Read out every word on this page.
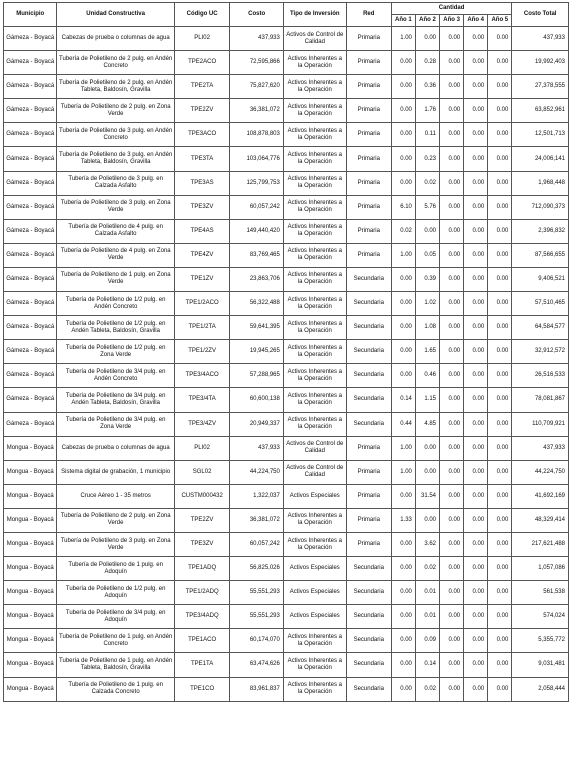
Municipio	Unidad Constructiva	Código UC	Costo	Tipo de Inversión	Red	Cantidad					Costo Total
						Año 1	Año 2	Año 3	Año 4	Año 5	
Gámeza - Boyacá	Cabezas de prueba o columnas de agua	PLI02	437,933	Activos de Control de Calidad	Primaria	1.00	0.00	0.00	0.00	0.00	437,933
Gámeza - Boyacá	Tubería de Polietileno de 2 pulg. en Andén Concreto	TPE2ACO	72,595,866	Activos Inherentes a la Operación	Primaria	0.00	0.28	0.00	0.00	0.00	19,992,403
Gámeza - Boyacá	Tubería de Polietileno de 2 pulg. en Andén Tableta, Baldosín, Gravilla	TPE2TA	75,827,620	Activos Inherentes a la Operación	Primaria	0.00	0.36	0.00	0.00	0.00	27,378,555
Gámeza - Boyacá	Tubería de Polietileno de 2 pulg. en Zona Verde	TPE2ZV	36,381,072	Activos Inherentes a la Operación	Primaria	0.00	1.76	0.00	0.00	0.00	63,852,961
Gámeza - Boyacá	Tubería de Polietileno de 3 pulg. en Andén Concreto	TPE3ACO	108,878,803	Activos Inherentes a la Operación	Primaria	0.00	0.11	0.00	0.00	0.00	12,501,713
Gámeza - Boyacá	Tubería de Polietileno de 3 pulg. en Andén Tableta, Baldosín, Gravilla	TPE3TA	103,064,776	Activos Inherentes a la Operación	Primaria	0.00	0.23	0.00	0.00	0.00	24,006,141
Gámeza - Boyacá	Tubería de Polietileno de 3 pulg. en Calzada Asfalto	TPE3AS	125,799,753	Activos Inherentes a la Operación	Primaria	0.00	0.02	0.00	0.00	0.00	1,968,448
Gámeza - Boyacá	Tubería de Polietileno de 3 pulg. en Zona Verde	TPE3ZV	60,057,242	Activos Inherentes a la Operación	Primaria	6.10	5.76	0.00	0.00	0.00	712,090,373
Gámeza - Boyacá	Tubería de Polietileno de 4 pulg. en Calzada Asfalto	TPE4AS	149,440,420	Activos Inherentes a la Operación	Primaria	0.02	0.00	0.00	0.00	0.00	2,396,832
Gámeza - Boyacá	Tubería de Polietileno de 4 pulg. en Zona Verde	TPE4ZV	83,769,465	Activos Inherentes a la Operación	Primaria	1.00	0.05	0.00	0.00	0.00	87,566,655
Gámeza - Boyacá	Tubería de Polietileno de 1 pulg. en Zona Verde	TPE1ZV	23,863,706	Activos Inherentes a la Operación	Secundaria	0.00	0.39	0.00	0.00	0.00	9,406,521
Gámeza - Boyacá	Tubería de Polietileno de 1/2 pulg. en Andén Concreto	TPE1/2ACO	56,322,488	Activos Inherentes a la Operación	Secundaria	0.00	1.02	0.00	0.00	0.00	57,510,465
Gámeza - Boyacá	Tubería de Polietileno de 1/2 pulg. en Andén Tableta, Baldosín, Gravilla	TPE1/2TA	59,641,395	Activos Inherentes a la Operación	Secundaria	0.00	1.08	0.00	0.00	0.00	64,584,577
Gámeza - Boyacá	Tubería de Polietileno de 1/2 pulg. en Zona Verde	TPE1/2ZV	19,945,265	Activos Inherentes a la Operación	Secundaria	0.00	1.65	0.00	0.00	0.00	32,912,572
Gámeza - Boyacá	Tubería de Polietileno de 3/4 pulg. en Andén Concreto	TPE3/4ACO	57,288,965	Activos Inherentes a la Operación	Secundaria	0.00	0.46	0.00	0.00	0.00	26,516,533
Gámeza - Boyacá	Tubería de Polietileno de 3/4 pulg. en Andén Tableta, Baldosín, Gravilla	TPE3/4TA	60,600,138	Activos Inherentes a la Operación	Secundaria	0.14	1.15	0.00	0.00	0.00	78,081,867
Gámeza - Boyacá	Tubería de Polietileno de 3/4 pulg. en Zona Verde	TPE3/4ZV	20,949,337	Activos Inherentes a la Operación	Secundaria	0.44	4.85	0.00	0.00	0.00	110,709,921
Mongua - Boyacá	Cabezas de prueba o columnas de agua	PLI02	437,933	Activos de Control de Calidad	Primaria	1.00	0.00	0.00	0.00	0.00	437,933
Mongua - Boyacá	Sistema digital de grabación, 1 municipio	SGL02	44,224,750	Activos de Control de Calidad	Primaria	1.00	0.00	0.00	0.00	0.00	44,224,750
Mongua - Boyacá	Cruce Aéreo 1 - 35 metros	CUSTM000432	1,322,037	Activos Especiales	Primaria	0.00	31.54	0.00	0.00	0.00	41,692,169
Mongua - Boyacá	Tubería de Polietileno de 2 pulg. en Zona Verde	TPE2ZV	36,381,072	Activos Inherentes a la Operación	Primaria	1.33	0.00	0.00	0.00	0.00	48,329,414
Mongua - Boyacá	Tubería de Polietileno de 3 pulg. en Zona Verde	TPE3ZV	60,057,242	Activos Inherentes a la Operación	Primaria	0.00	3.62	0.00	0.00	0.00	217,621,488
Mongua - Boyacá	Tubería de Polietileno de 1 pulg. en Adoquín	TPE1ADQ	56,825,026	Activos Especiales	Secundaria	0.00	0.02	0.00	0.00	0.00	1,057,086
Mongua - Boyacá	Tubería de Polietileno de 1/2 pulg. en Adoquín	TPE1/2ADQ	55,551,293	Activos Especiales	Secundaria	0.00	0.01	0.00	0.00	0.00	561,538
Mongua - Boyacá	Tubería de Polietileno de 3/4 pulg. en Adoquín	TPE3/4ADQ	55,551,293	Activos Especiales	Secundaria	0.00	0.01	0.00	0.00	0.00	574,024
Mongua - Boyacá	Tubería de Polietileno de 1 pulg. en Andén Concreto	TPE1ACO	60,174,070	Activos Inherentes a la Operación	Secundaria	0.00	0.09	0.00	0.00	0.00	5,355,772
Mongua - Boyacá	Tubería de Polietileno de 1 pulg. en Andén Tableta, Baldosín, Gravilla	TPE1TA	63,474,626	Activos Inherentes a la Operación	Secundaria	0.00	0.14	0.00	0.00	0.00	9,031,481
Mongua - Boyacá	Tubería de Polietileno de 1 pulg. en Calzada Concreto	TPE1CO	83,961,837	Activos Inherentes a la Operación	Secundaria	0.00	0.02	0.00	0.00	0.00	2,058,444
